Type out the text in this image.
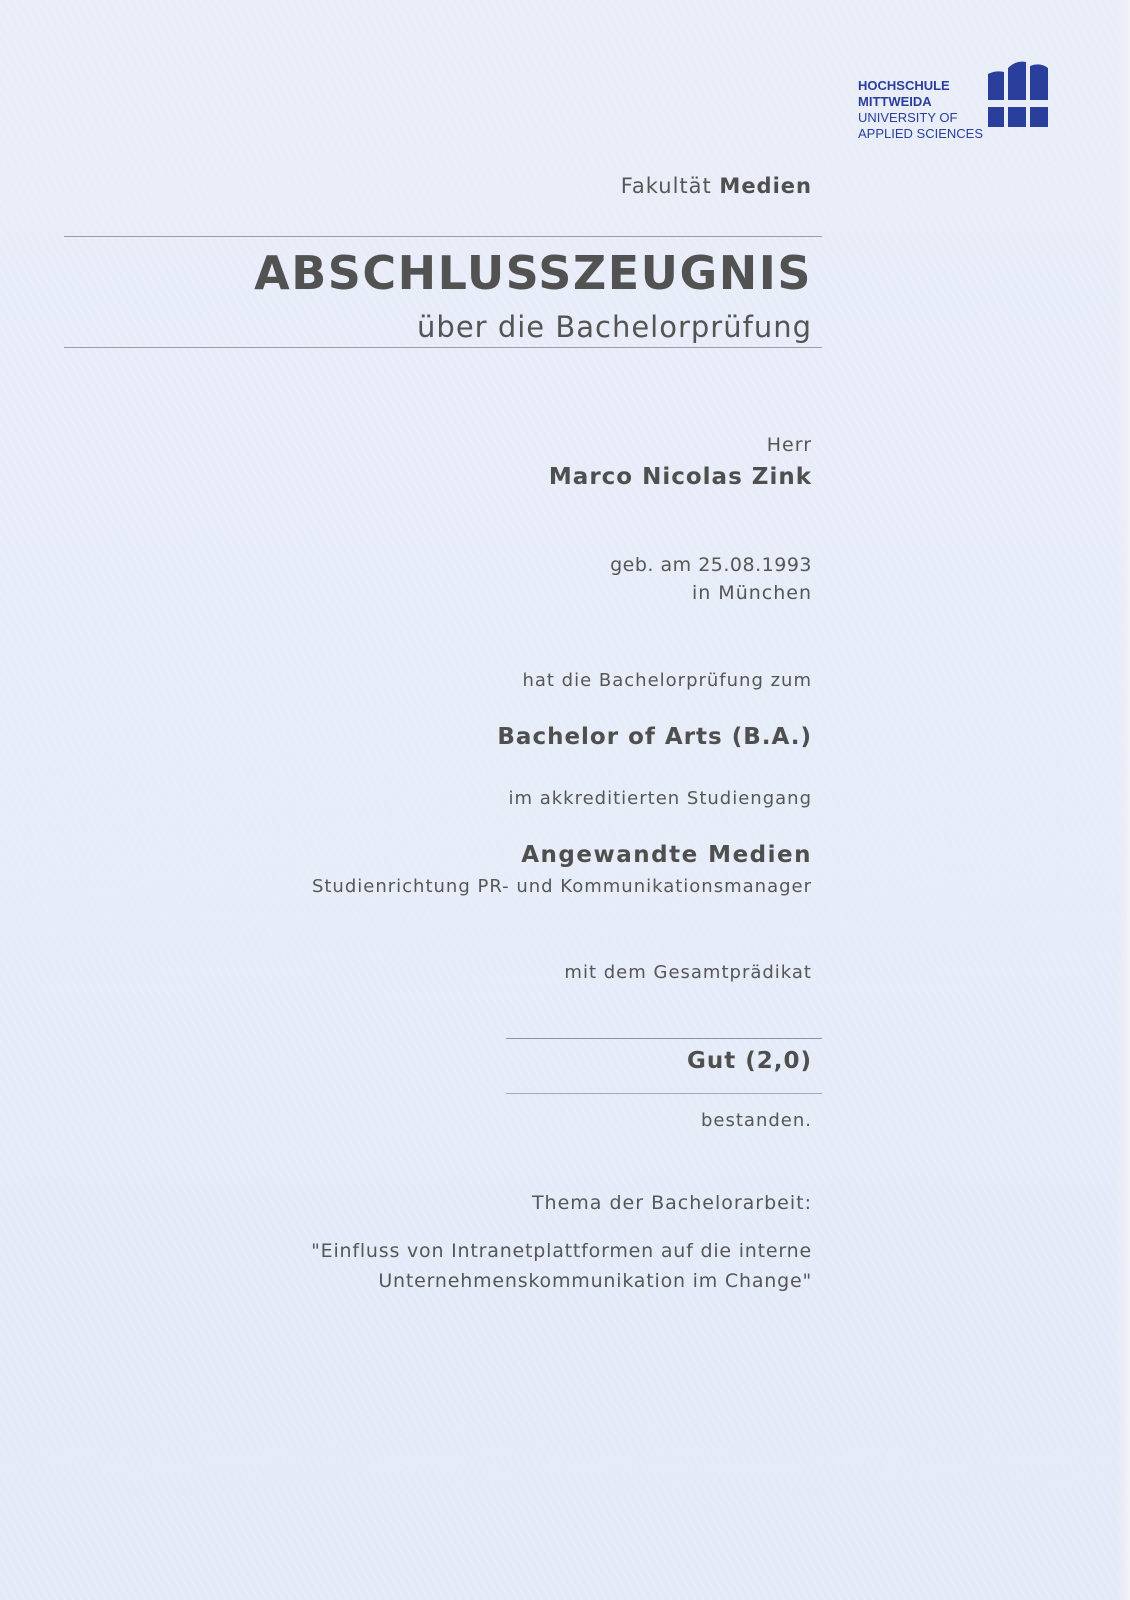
HOCHSCHULE
MITTWEIDA
UNIVERSITY OF
APPLIED SCIENCES
Fakultät Medien
ABSCHLUSSZEUGNIS
über die Bachelorprüfung
Herr
Marco Nicolas Zink
geb. am 25.08.1993
in München
hat die Bachelorprüfung zum
Bachelor of Arts (B.A.)
im akkreditierten Studiengang
Angewandte Medien
Studienrichtung PR- und Kommunikationsmanager
mit dem Gesamtprädikat
Gut (2,0)
bestanden.
Thema der Bachelorarbeit:
"Einfluss von Intranetplattformen auf die interne
Unternehmenskommunikation im Change"
